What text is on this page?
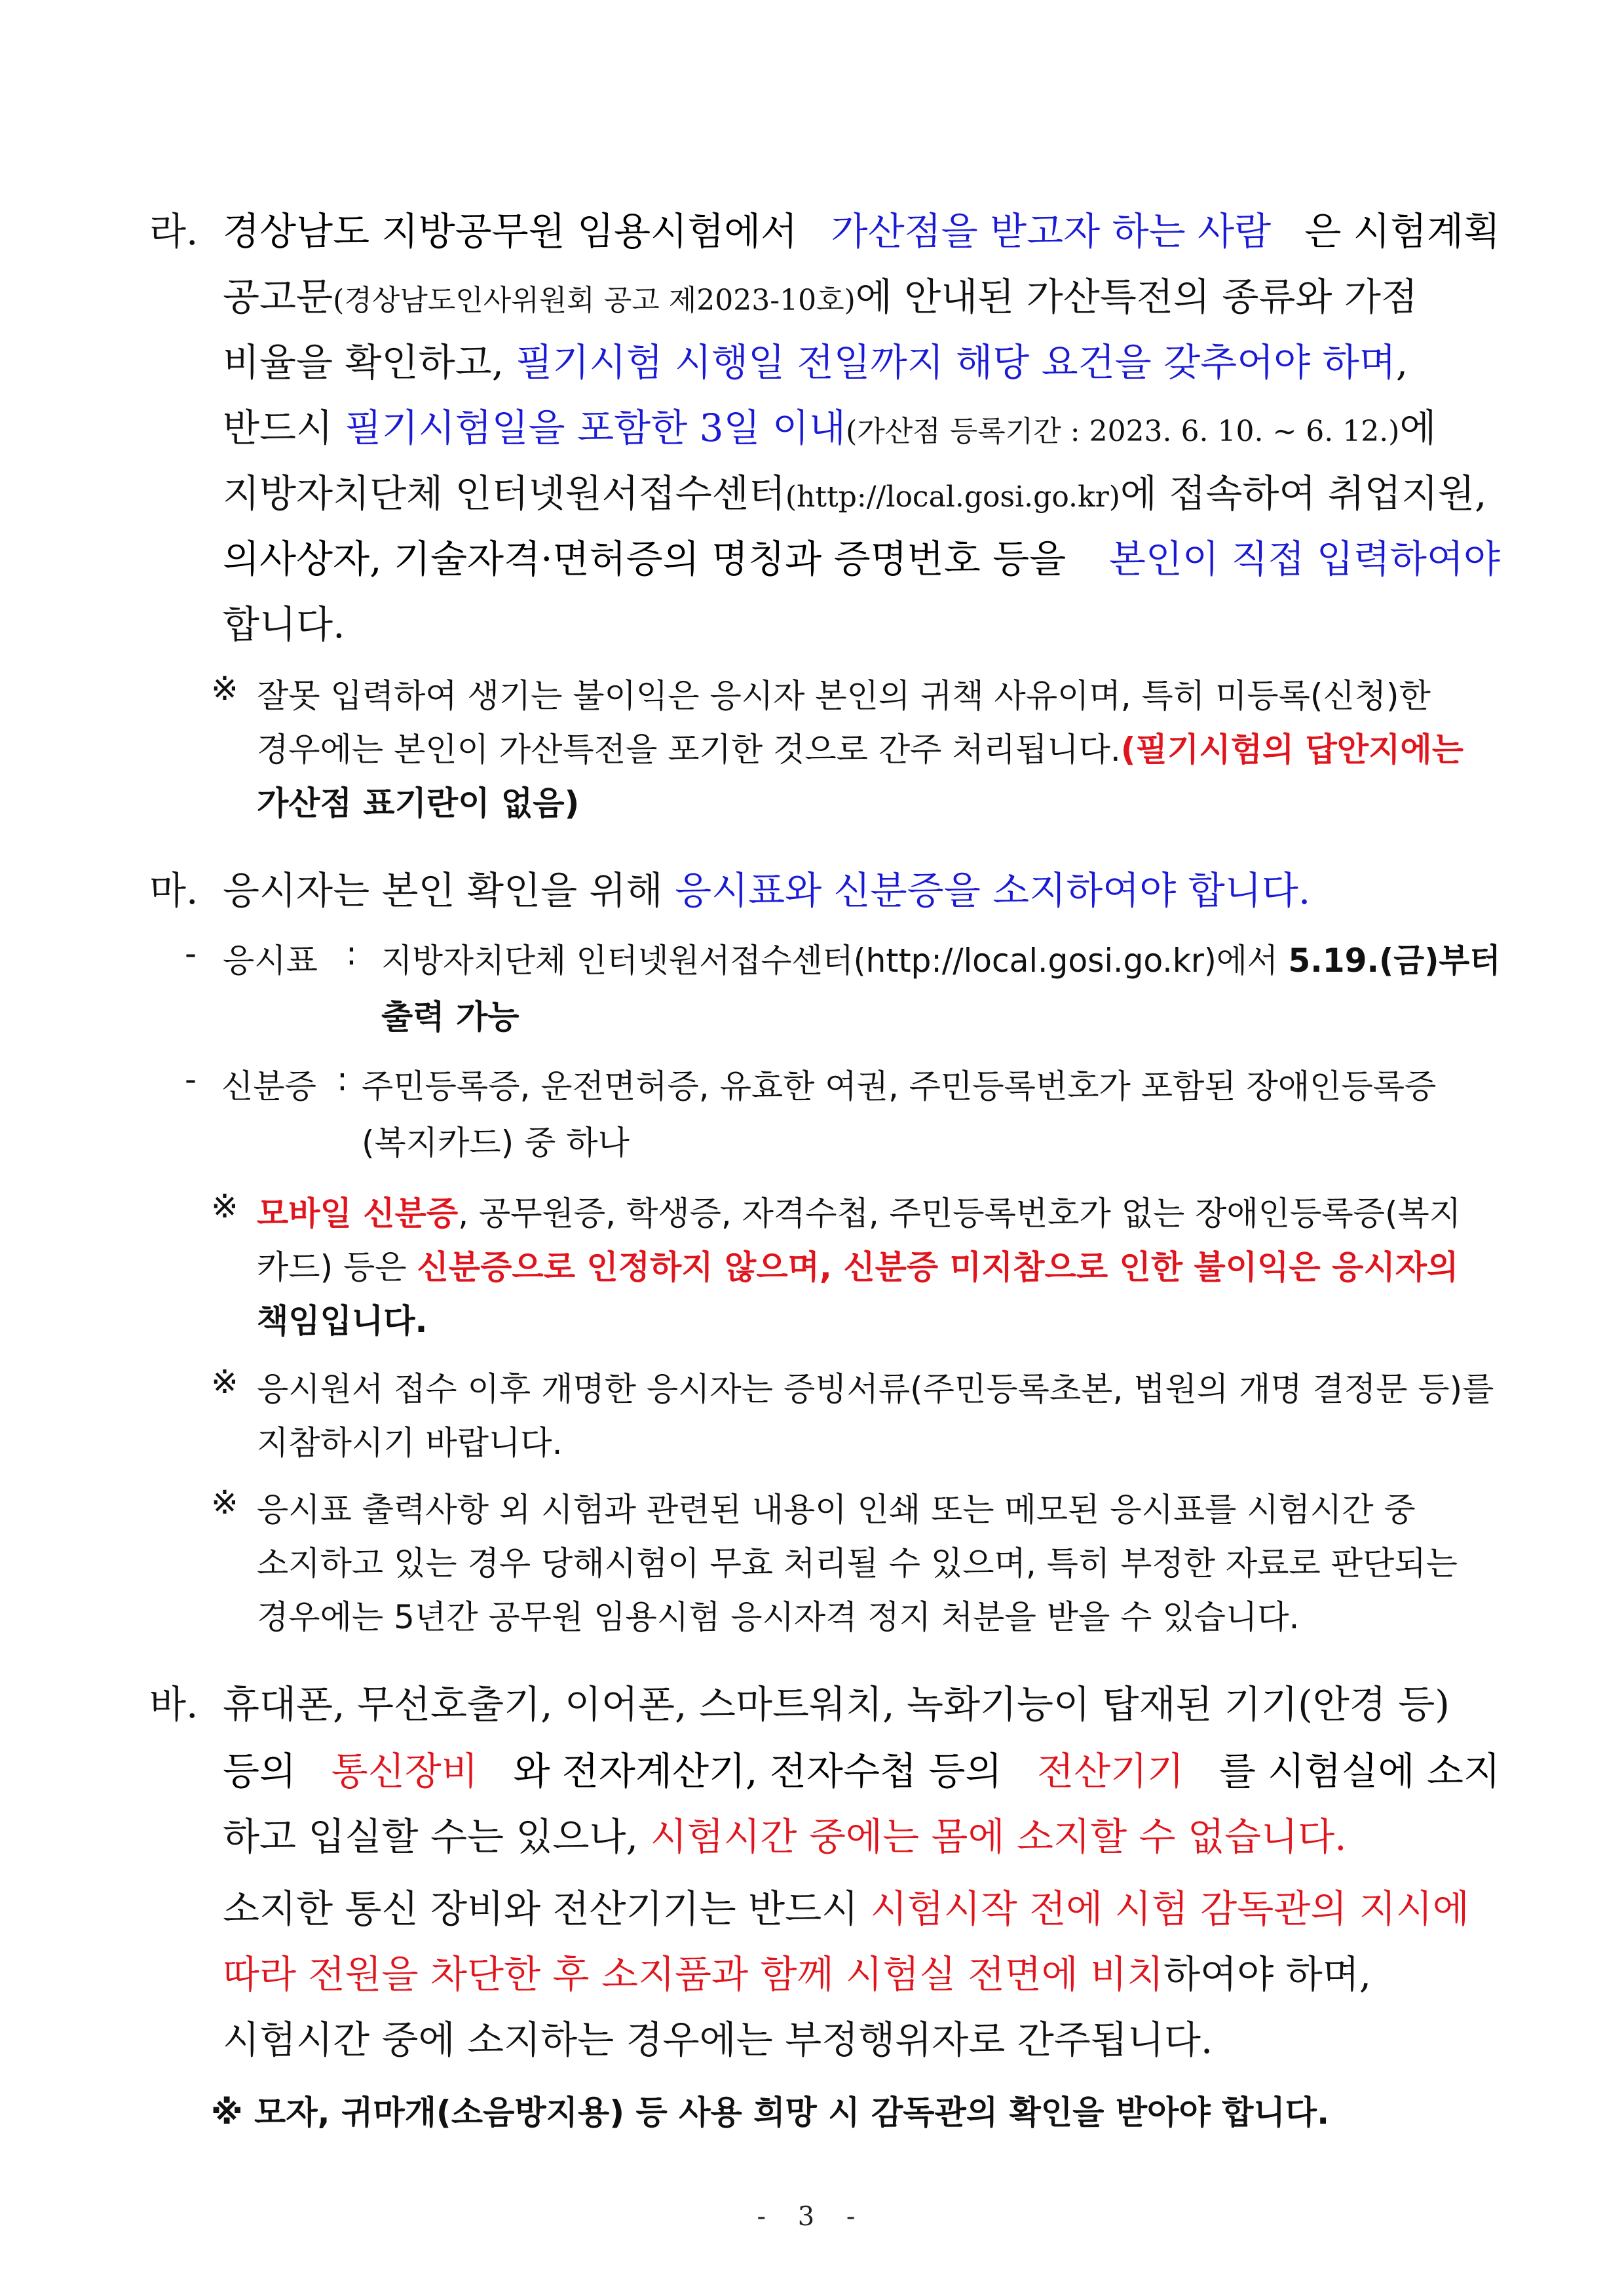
라. 경상남도 지방공무원 임용시험에서 가산점을 받고자 하는 사람 은 시험계획
공고문(경상남도인사위원회 공고 제2023-10호)에 안내된 가산특전의 종류와 가점
비율을 확인하고, 필기시험 시행일 전일까지 해당 요건을 갖추어야 하며,
반드시 필기시험일을 포함한 3일 이내(가산점 등록기간 : 2023. 6. 10. ∼ 6. 12.)에
지방자치단체 인터넷원서접수센터(http://local.gosi.go.kr)에 접속하여 취업지원,
의사상자, 기술자격·면허증의 명칭과 증명번호 등을 본인이 직접 입력하여야
합니다.
※ 잘못 입력하여 생기는 불이익은 응시자 본인의 귀책 사유이며, 특히 미등록(신청)한
경우에는 본인이 가산특전을 포기한 것으로 간주 처리됩니다.(필기시험의 답안지에는
가산점 표기란이 없음)
마. 응시자는 본인 확인을 위해 응시표와 신분증을 소지하여야 합니다.
- 응시표 : 지방자치단체 인터넷원서접수센터(http://local.gosi.go.kr)에서 5.19.(금)부터
출력 가능
- 신분증 : 주민등록증, 운전면허증, 유효한 여권, 주민등록번호가 포함된 장애인등록증
(복지카드) 중 하나
※ 모바일 신분증, 공무원증, 학생증, 자격수첩, 주민등록번호가 없는 장애인등록증(복지
카드) 등은 신분증으로 인정하지 않으며, 신분증 미지참으로 인한 불이익은 응시자의
책임입니다.
※ 응시원서 접수 이후 개명한 응시자는 증빙서류(주민등록초본, 법원의 개명 결정문 등)를
지참하시기 바랍니다.
※ 응시표 출력사항 외 시험과 관련된 내용이 인쇄 또는 메모된 응시표를 시험시간 중
소지하고 있는 경우 당해시험이 무효 처리될 수 있으며, 특히 부정한 자료로 판단되는
경우에는 5년간 공무원 임용시험 응시자격 정지 처분을 받을 수 있습니다.
바. 휴대폰, 무선호출기, 이어폰, 스마트워치, 녹화기능이 탑재된 기기(안경 등)
등의 통신장비 와 전자계산기, 전자수첩 등의 전산기기 를 시험실에 소지
하고 입실할 수는 있으나, 시험시간 중에는 몸에 소지할 수 없습니다.
소지한 통신 장비와 전산기기는 반드시 시험시작 전에 시험 감독관의 지시에
따라 전원을 차단한 후 소지품과 함께 시험실 전면에 비치하여야 하며,
시험시간 중에 소지하는 경우에는 부정행위자로 간주됩니다.
※ 모자, 귀마개(소음방지용) 등 사용 희망 시 감독관의 확인을 받아야 합니다.
- 3 -
